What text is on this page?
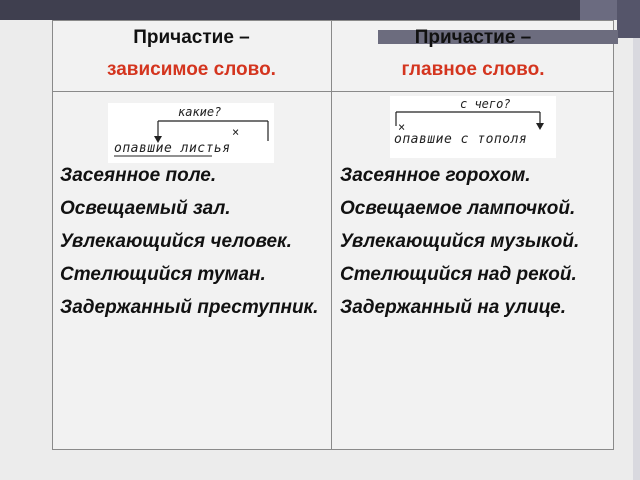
Причастие –
зависимое слово.
Причастие –
главное слово.
какие?
×
опавшие листья
с чего?
×
опавшие с тополя
Засеянное поле.
Освещаемый зал.
Увлекающийся человек.
Стелющийся туман.
Задержанный преступник.
Засеянное горохом.
Освещаемое лампочкой.
Увлекающийся музыкой.
Стелющийся над рекой.
Задержанный на улице.
